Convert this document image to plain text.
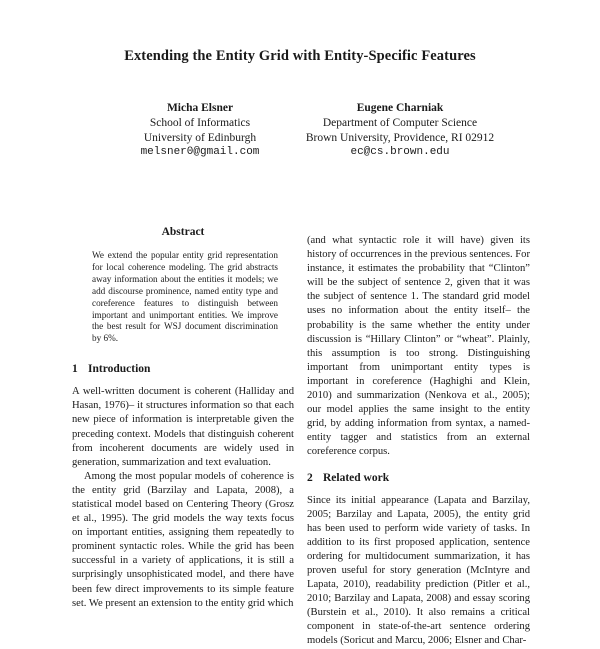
Extending the Entity Grid with Entity-Specific Features
Micha Elsner
School of Informatics
University of Edinburgh
melsner0@gmail.com
Eugene Charniak
Department of Computer Science
Brown University, Providence, RI 02912
ec@cs.brown.edu
Abstract
We extend the popular entity grid representation for local coherence modeling. The grid abstracts away information about the entities it models; we add discourse prominence, named entity type and coreference features to distinguish between important and unimportant entities. We improve the best result for WSJ document discrimination by 6%.
1 Introduction

A well-written document is coherent (Halliday and Hasan, 1976)– it structures information so that each new piece of information is interpretable given the preceding context. Models that distinguish coherent from incoherent documents are widely used in generation, summarization and text evaluation.

Among the most popular models of coherence is the entity grid (Barzilay and Lapata, 2008), a statistical model based on Centering Theory (Grosz et al., 1995). The grid models the way texts focus on important entities, assigning them repeatedly to prominent syntactic roles. While the grid has been successful in a variety of applications, it is still a surprisingly unsophisticated model, and there have been few direct improvements to its simple feature set. We present an extension to the entity grid which

(and what syntactic role it will have) given its history of occurrences in the previous sentences. For instance, it estimates the probability that “Clinton” will be the subject of sentence 2, given that it was the subject of sentence 1. The standard grid model uses no information about the entity itself– the probability is the same whether the entity under discussion is “Hillary Clinton” or “wheat”. Plainly, this assumption is too strong. Distinguishing important from unimportant entity types is important in coreference (Haghighi and Klein, 2010) and summarization (Nenkova et al., 2005); our model applies the same insight to the entity grid, by adding information from syntax, a named-entity tagger and statistics from an external coreference corpus.

2 Related work

Since its initial appearance (Lapata and Barzilay, 2005; Barzilay and Lapata, 2005), the entity grid has been used to perform wide variety of tasks. In addition to its first proposed application, sentence ordering for multidocument summarization, it has proven useful for story generation (McIntyre and Lapata, 2010), readability prediction (Pitler et al., 2010; Barzilay and Lapata, 2008) and essay scoring (Burstein et al., 2010). It also remains a critical component in state-of-the-art sentence ordering models (Soricut and Marcu, 2006; Elsner and Char-
